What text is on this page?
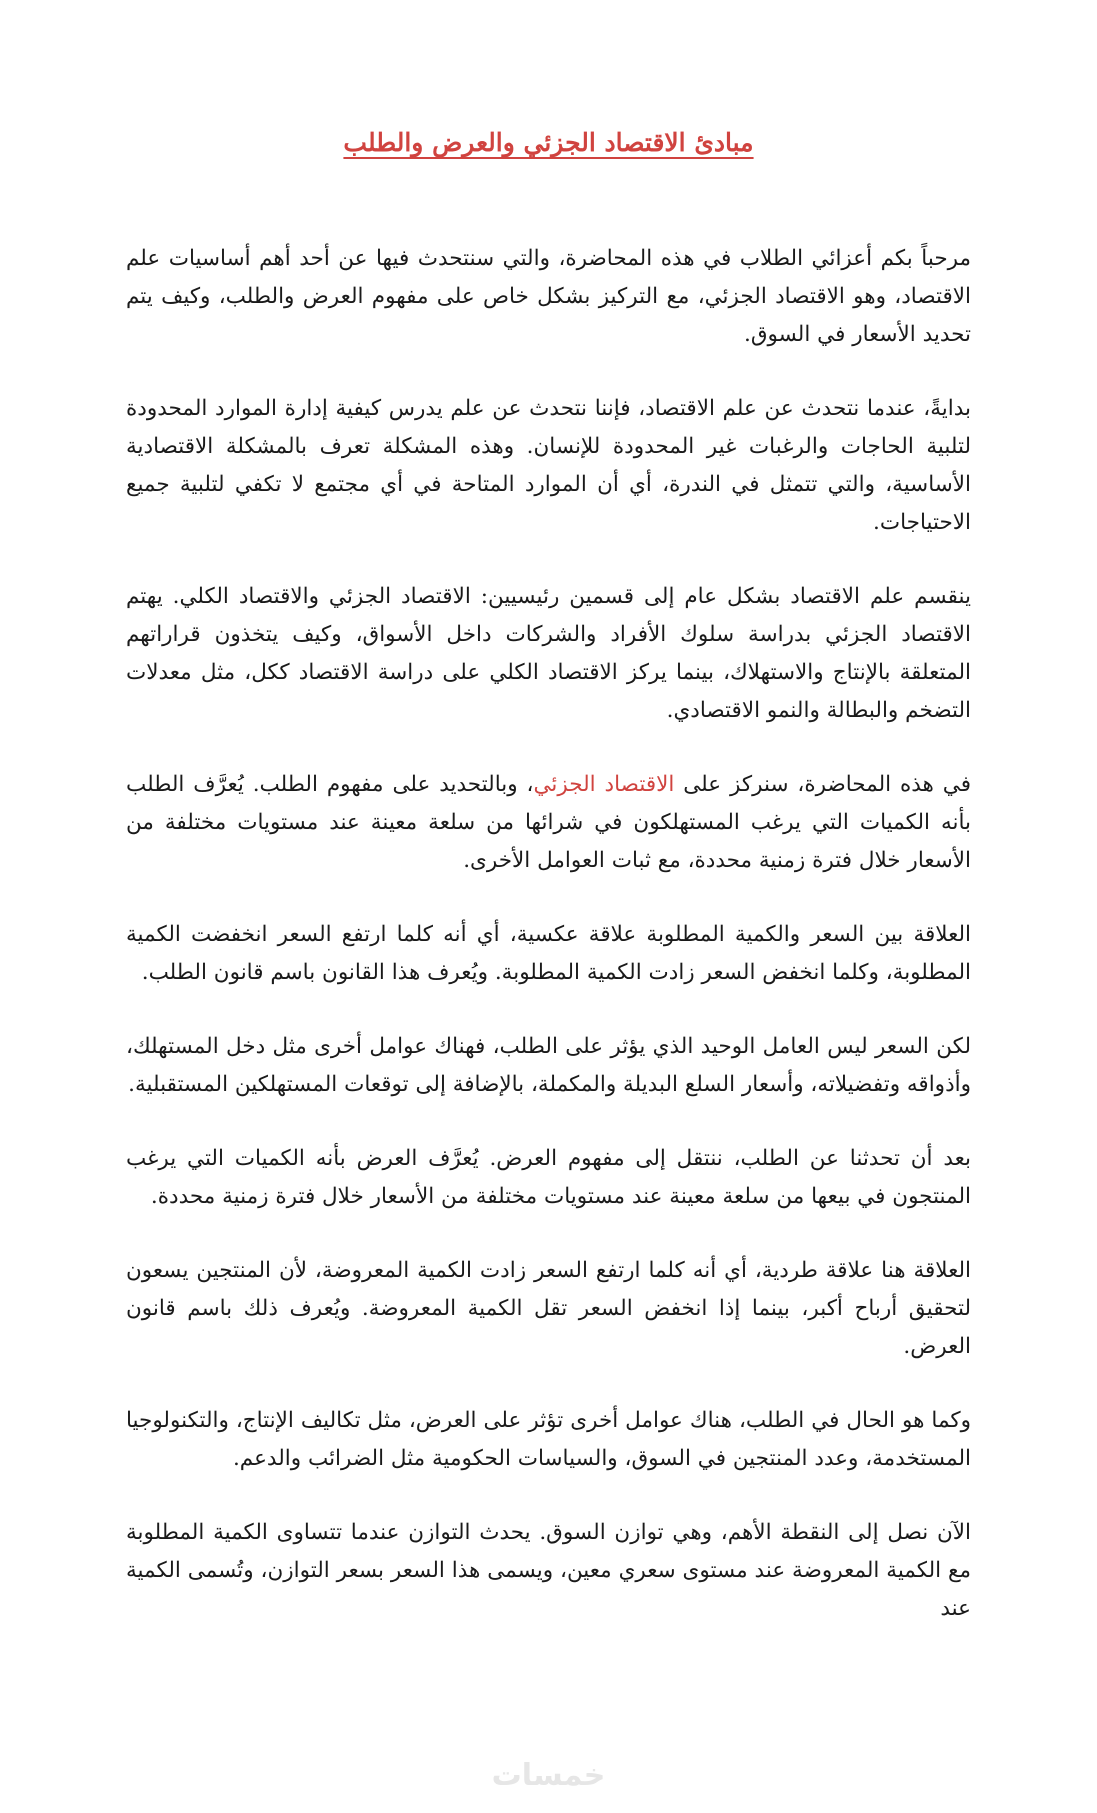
مبادئ الاقتصاد الجزئي والعرض والطلب

مرحباً بكم أعزائي الطلاب في هذه المحاضرة، والتي سنتحدث فيها عن أحد أهم أساسيات علم الاقتصاد، وهو الاقتصاد الجزئي، مع التركيز بشكل خاص على مفهوم العرض والطلب، وكيف يتم تحديد الأسعار في السوق.

بدايةً، عندما نتحدث عن علم الاقتصاد، فإننا نتحدث عن علم يدرس كيفية إدارة الموارد المحدودة لتلبية الحاجات والرغبات غير المحدودة للإنسان. وهذه المشكلة تعرف بالمشكلة الاقتصادية الأساسية، والتي تتمثل في الندرة، أي أن الموارد المتاحة في أي مجتمع لا تكفي لتلبية جميع الاحتياجات.

ينقسم علم الاقتصاد بشكل عام إلى قسمين رئيسيين: الاقتصاد الجزئي والاقتصاد الكلي. يهتم الاقتصاد الجزئي بدراسة سلوك الأفراد والشركات داخل الأسواق، وكيف يتخذون قراراتهم المتعلقة بالإنتاج والاستهلاك، بينما يركز الاقتصاد الكلي على دراسة الاقتصاد ككل، مثل معدلات التضخم والبطالة والنمو الاقتصادي.

في هذه المحاضرة، سنركز على الاقتصاد الجزئي، وبالتحديد على مفهوم الطلب. يُعرَّف الطلب بأنه الكميات التي يرغب المستهلكون في شرائها من سلعة معينة عند مستويات مختلفة من الأسعار خلال فترة زمنية محددة، مع ثبات العوامل الأخرى.

العلاقة بين السعر والكمية المطلوبة علاقة عكسية، أي أنه كلما ارتفع السعر انخفضت الكمية المطلوبة، وكلما انخفض السعر زادت الكمية المطلوبة. ويُعرف هذا القانون باسم قانون الطلب.

لكن السعر ليس العامل الوحيد الذي يؤثر على الطلب، فهناك عوامل أخرى مثل دخل المستهلك، وأذواقه وتفضيلاته، وأسعار السلع البديلة والمكملة، بالإضافة إلى توقعات المستهلكين المستقبلية.

بعد أن تحدثنا عن الطلب، ننتقل إلى مفهوم العرض. يُعرَّف العرض بأنه الكميات التي يرغب المنتجون في بيعها من سلعة معينة عند مستويات مختلفة من الأسعار خلال فترة زمنية محددة.

العلاقة هنا علاقة طردية، أي أنه كلما ارتفع السعر زادت الكمية المعروضة، لأن المنتجين يسعون لتحقيق أرباح أكبر، بينما إذا انخفض السعر تقل الكمية المعروضة. ويُعرف ذلك باسم قانون العرض.

وكما هو الحال في الطلب، هناك عوامل أخرى تؤثر على العرض، مثل تكاليف الإنتاج، والتكنولوجيا المستخدمة، وعدد المنتجين في السوق، والسياسات الحكومية مثل الضرائب والدعم.

الآن نصل إلى النقطة الأهم، وهي توازن السوق. يحدث التوازن عندما تتساوى الكمية المطلوبة مع الكمية المعروضة عند مستوى سعري معين، ويسمى هذا السعر بسعر التوازن، وتُسمى الكمية عند

خمسات
